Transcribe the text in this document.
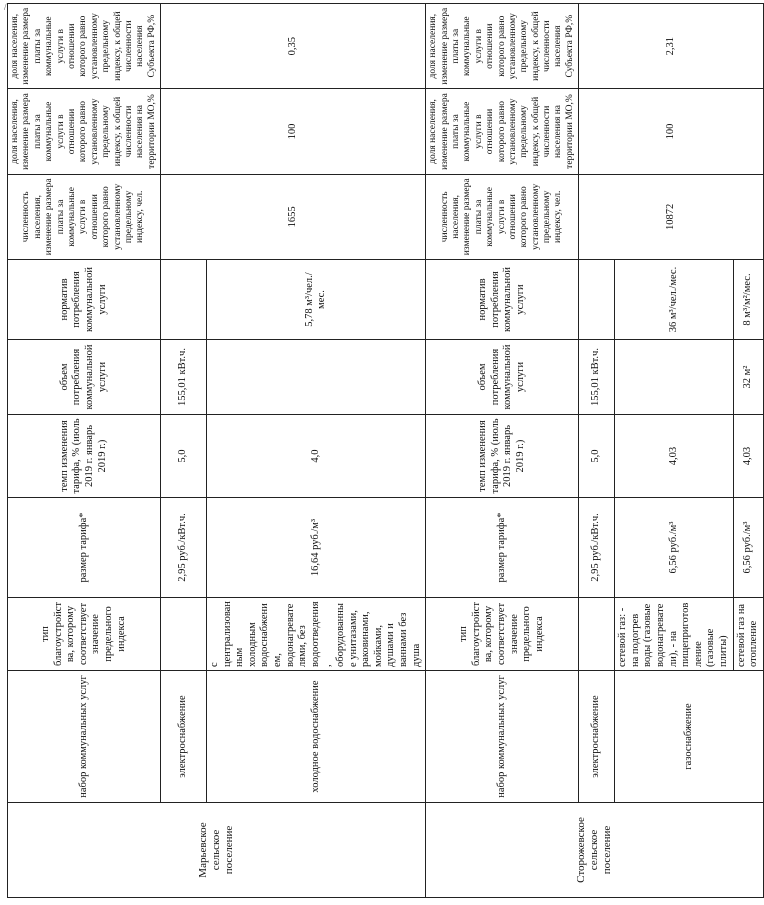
/
Марьевское сельское поселение	набор коммунальных услуг	тип благоустройства, которому соответствует значение предельного индекса	размер тарифа*	темп изменения тарифа, % (июль 2019 г. январь 2019 г.)	объем потребления коммунальной услуги	норматив потребления коммунальной услуги	численность населения, изменение размера платы за коммунальные услуги в отношении которого равно установленному предельному индексу, чел.	доля населения, изменение размера платы за коммунальные услуги в отношении которого равно установленному предельному индексу, к общей численности населения на территории МО,%	доля населения, изменение размера платы за коммунальные услуги в отношении которого равно установленному предельному индексу, к общей численности населения Субъекта РФ,%
	электроснабжение		2,95 руб./кВт.ч.	5,0	155,01 кВт.ч.		1655	100	0,35
	холодное водоснабжение	с централизованным холодным водоснабжением, водонагревателями, без водоотведения, оборудованные унитазами, раковинами, мойками, душами и ваннами без душа	16,64 руб./м³	4,0		5,78 м³/чел./мес.			
Сторожевское сельское поселение	набор коммунальных услуг	тип благоустройства, которому соответствует значение предельного индекса	размер тарифа*	темп изменения тарифа, % (июль 2019 г. январь 2019 г.)	объем потребления коммунальной услуги	норматив потребления коммунальной услуги	численность населения, изменение размера платы за коммунальные услуги в отношении которого равно установленному предельному индексу, чел.	доля населения, изменение размера платы за коммунальные услуги в отношении которого равно установленному предельному индексу, к общей численности населения на территории МО,%	доля населения, изменение размера платы за коммунальные услуги в отношении которого равно установленному предельному индексу, к общей численности населения Субъекта РФ,%
	электроснабжение		2,95 руб./кВт.ч.	5,0	155,01 кВт.ч.		10872	100	2,31
	газоснабжение	сетевой газ: - на подогрев воды (газовые водонагреватели), - на пищеприготовление (газовые плиты)	6,56 руб./м³	4,03		36 м³/чел./мес.			
		сетевой газ на отопление	6,56 руб./м³	4,03	32 м²	8 м³/м²/мес.			
